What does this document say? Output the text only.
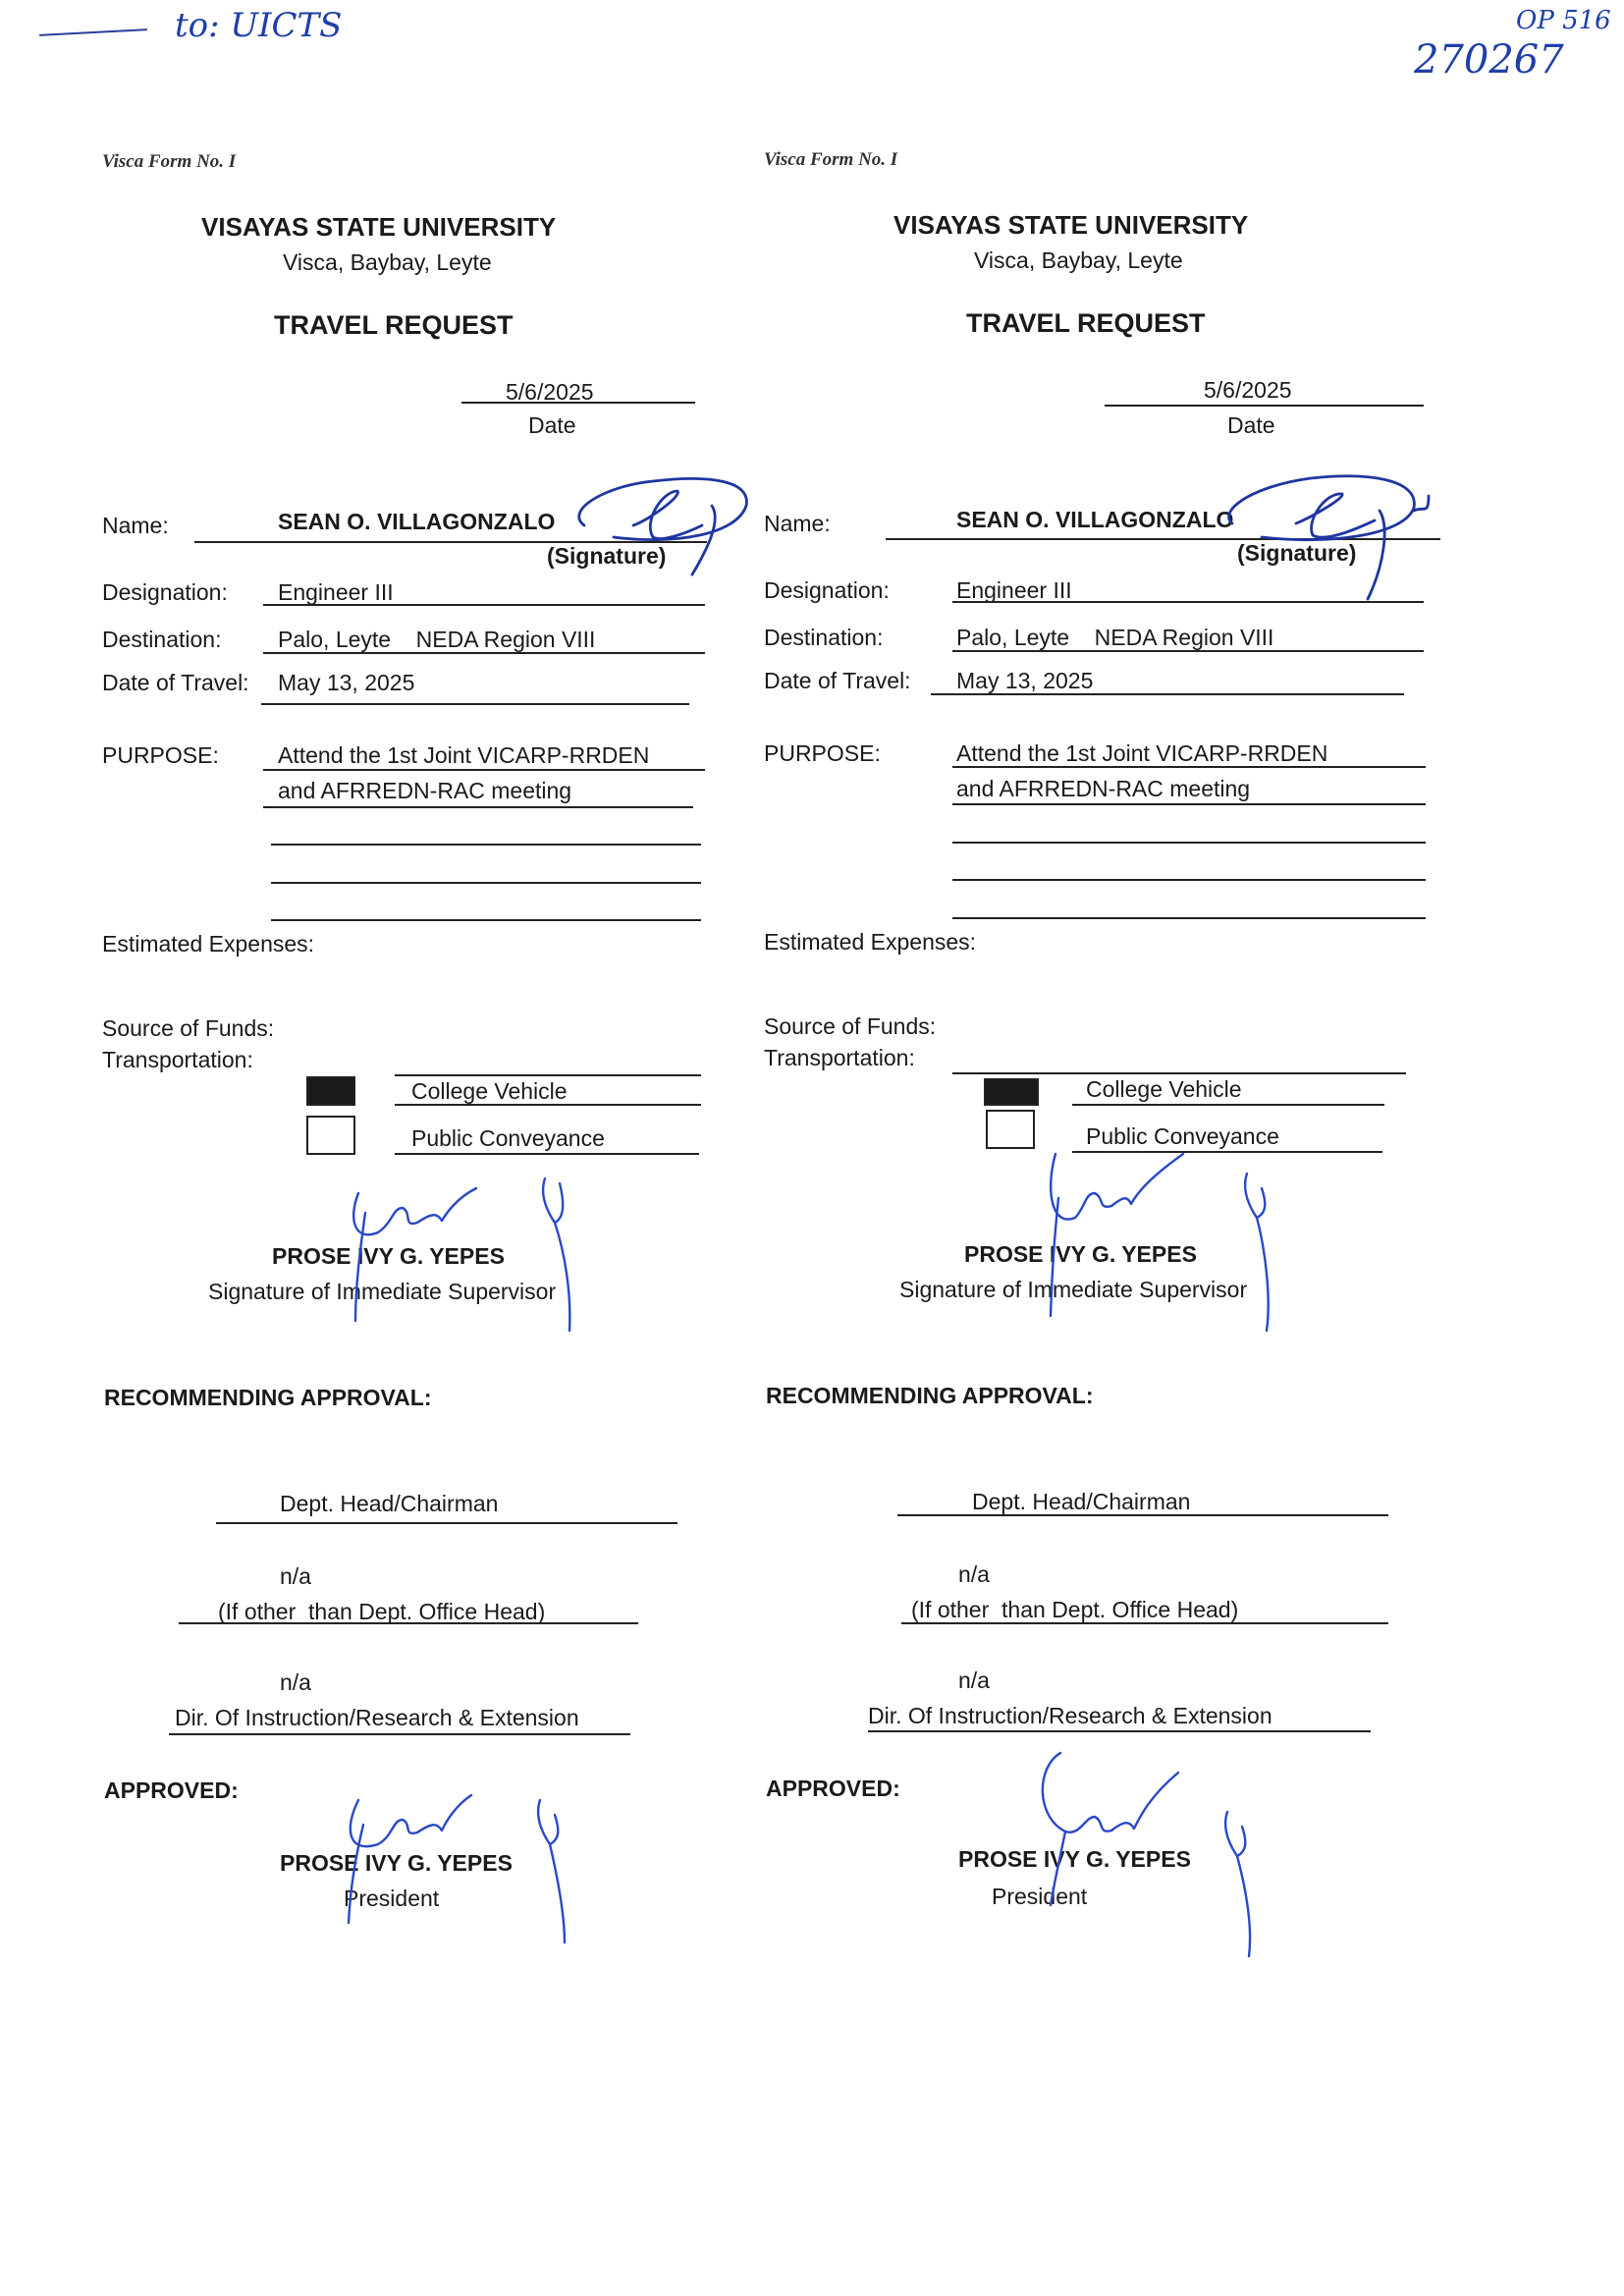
to: UICTS	OP 516
270267
Visca Form No. I
VISAYAS STATE UNIVERSITY
Visca, Baybay, Leyte
TRAVEL REQUEST
5/6/2025
Date
Name:	SEAN O. VILLAGONZALO
(Signature)
Designation: Engineer III
Destination:	Palo, Leyte    NEDA Region VIII
Date of Travel: May 13, 2025
PURPOSE:	Attend the 1st Joint VICARP-RRDEN
and AFRREDN-RAC meeting
Estimated Expenses:
Source of Funds:
Transportation:
College Vehicle
Public Conveyance
PROSE IVY G. YEPES
Signature of Immediate Supervisor
RECOMMENDING APPROVAL:
Dept. Head/Chairman
n/a
(If other  than Dept. Office Head)
n/a
Dir. Of Instruction/Research & Extension
APPROVED:
PROSE IVY G. YEPES
President
Visca Form No. I
VISAYAS STATE UNIVERSITY
Visca, Baybay, Leyte
TRAVEL REQUEST
5/6/2025
Date
Name:	SEAN O. VILLAGONZALO
(Signature)
Designation:	Engineer III
Destination:	Palo, Leyte    NEDA Region VIII
Date of Travel: May 13, 2025
PURPOSE:	Attend the 1st Joint VICARP-RRDEN
and AFRREDN-RAC meeting
Estimated Expenses:
Source of Funds:
Transportation:
College Vehicle
Public Conveyance
PROSE IVY G. YEPES
Signature of Immediate Supervisor
RECOMMENDING APPROVAL:
Dept. Head/Chairman
n/a
(If other  than Dept. Office Head)
n/a
Dir. Of Instruction/Research & Extension
APPROVED:
PROSE IVY G. YEPES
President
